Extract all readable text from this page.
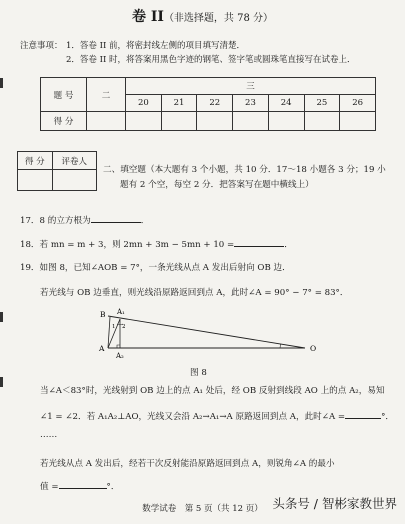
卷 II（非选择题，共 78 分）
注意事项： 1．答卷 II 前，将密封线左侧的项目填写清楚．
2．答卷 II 时，将答案用黑色字迹的钢笔、签字笔或圆珠笔直接写在试卷上．
题 号	二	三						
		20	21	22	23	24	25	26
得 分								
得 分	评卷人

二、填空题（本大题有 3 个小题，共 10 分．17～18 小题各 3 分；19 小
题有 2 个空，每空 2 分．把答案写在题中横线上）
17．8 的立方根为	．
18．若 mn = m + 3，则 2mn + 3m − 5mn + 10 =	．
19．如图 8，已知∠AOB = 7°，一条光线从点 A 发出后射向 OB 边．
若光线与 OB 边垂直，则光线沿原路返回到点 A，此时∠A = 90° − 7° = 83°．
B A₁
A
A₂
O
1 2
图 8
当∠A＜83°时，光线射到 OB 边上的点 A₁ 处后，经 OB 反射到线段 AO 上的点 A₂，易知
∠1 = ∠2．若 A₁A₂⊥AO，光线又会沿 A₂→A₁→A 原路返回到点 A，此时∠A =	°．
……
若光线从点 A 发出后，经若干次反射能沿原路返回到点 A，则锐角∠A 的最小
值 =	°．
数学试卷　第 5 页（共 12 页） 头条号 / 智彬家教世界
